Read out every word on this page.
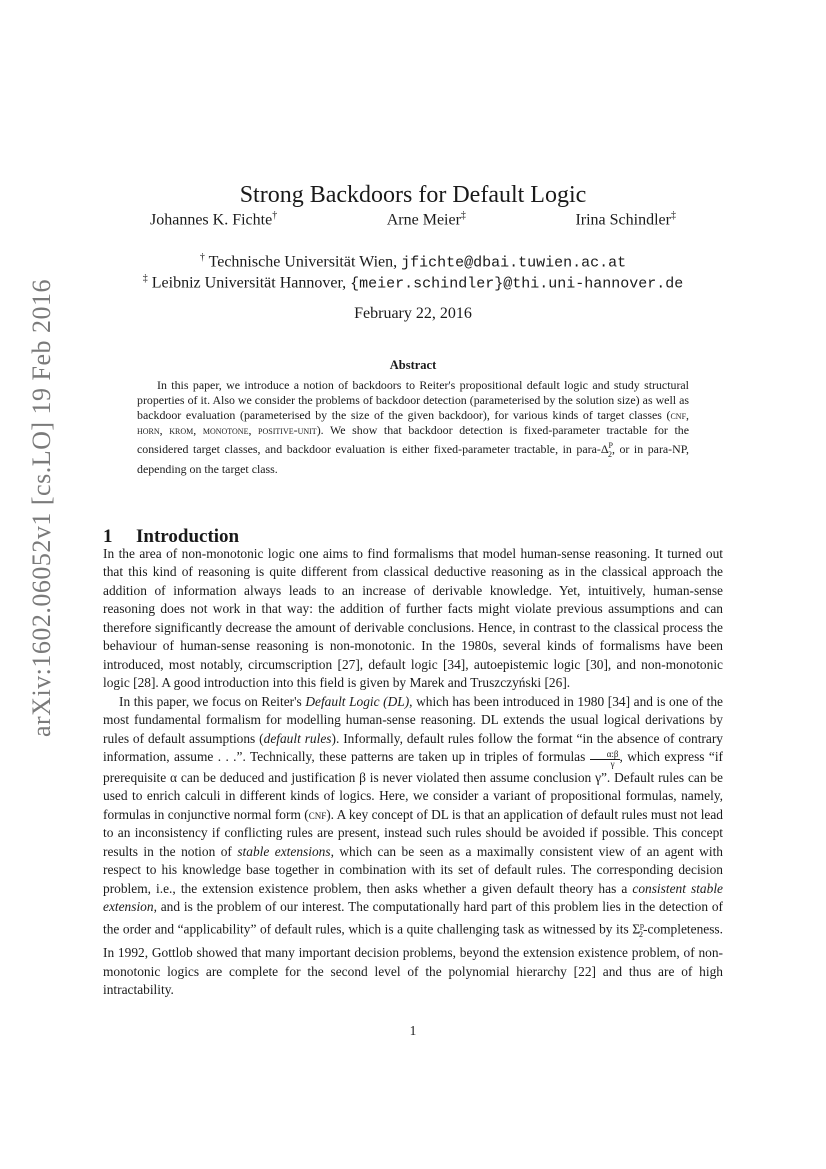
arXiv:1602.06052v1 [cs.LO] 19 Feb 2016
Strong Backdoors for Default Logic
Johannes K. Fichte†	Arne Meier‡	Irina Schindler‡
† Technische Universität Wien, jfichte@dbai.tuwien.ac.at
‡ Leibniz Universität Hannover, {meier.schindler}@thi.uni-hannover.de
February 22, 2016
Abstract

In this paper, we introduce a notion of backdoors to Reiter's propositional default logic and study structural properties of it. Also we consider the problems of backdoor detection (parameterised by the solution size) as well as backdoor evaluation (parameterised by the size of the given backdoor), for various kinds of target classes (cnf, horn, krom, monotone, positive-unit). We show that backdoor detection is fixed-parameter tractable for the considered target classes, and backdoor evaluation is either fixed-parameter tractable, in para-$\Delta^P_2$, or in para-NP, depending on the target class.

1 Introduction

In the area of non-monotonic logic one aims to find formalisms that model human-sense reasoning. It turned out that this kind of reasoning is quite different from classical deductive reasoning as in the classical approach the addition of information always leads to an increase of derivable knowledge. Yet, intuitively, human-sense reasoning does not work in that way: the addition of further facts might violate previous assumptions and can therefore significantly decrease the amount of derivable conclusions. Hence, in contrast to the classical process the behaviour of human-sense reasoning is non-monotonic. In the 1980s, several kinds of formalisms have been introduced, most notably, circumscription [27], default logic [34], autoepistemic logic [30], and non-monotonic logic [28]. A good introduction into this field is given by Marek and Truszczyński [26].

In this paper, we focus on Reiter's Default Logic (DL), which has been introduced in 1980 [34] and is one of the most fundamental formalism for modelling human-sense reasoning. DL extends the usual logical derivations by rules of default assumptions (default rules). Informally, default rules follow the format “in the absence of contrary information, assume . . .”. Technically, these patterns are taken up in triples of formulas $\frac{\alpha:\beta}{\gamma}$ , which express “if prerequisite α can be deduced and justification β is never violated then assume conclusion γ”. Default rules can be used to enrich calculi in different kinds of logics. Here, we consider a variant of propositional formulas, namely, formulas in conjunctive normal form (cnf). A key concept of DL is that an application of default rules must not lead to an inconsistency if conflicting rules are present, instead such rules should be avoided if possible. This concept results in the notion of stable extensions, which can be seen as a maximally consistent view of an agent with respect to his knowledge base together in combination with its set of default rules. The corresponding decision problem, i.e., the extension existence problem, then asks whether a given default theory has a consistent stable extension, and is the problem of our interest. The computationally hard part of this problem lies in the detection of the order and “applicability” of default rules, which is a quite challenging task as witnessed by its $\Sigma^p_2$-completeness. In 1992, Gottlob showed that many important decision problems, beyond the extension existence problem, of non-monotonic logics are complete for the second level of the polynomial hierarchy [22] and thus are of high intractability.

1
